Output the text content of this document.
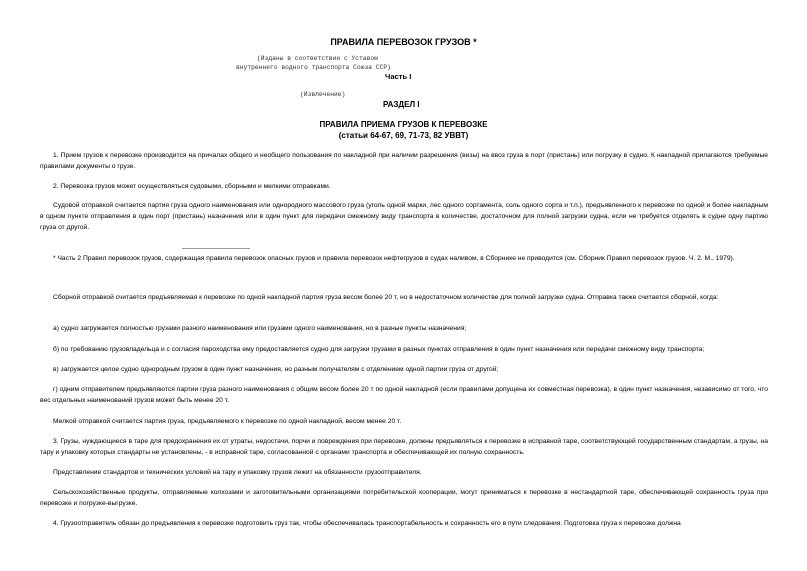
ПРАВИЛА ПЕРЕВОЗОК ГРУЗОВ *
(Изданы в соответствии с Уставом
внутреннего водного транспорта Союза ССР)
Часть I
(Извлечение)
РАЗДЕЛ I
ПРАВИЛА ПРИЕМА ГРУЗОВ К ПЕРЕВОЗКЕ
(статьи 64-67, 69, 71-73, 82 УВВТ)
1. Прием грузов к перевозке производится на причалах общего и необщего пользования по накладной при наличии разрешения (визы) на ввоз груза в порт (пристань) или погрузку в судно. К накладной прилагаются требуемые правилами документы о грузе.
2. Перевозка грузов может осуществляться судовыми, сборными и мелкими отправками.
Судовой отправкой считается партия груза одного наименования или однородного массового груза (уголь одной марки, лес одного сортамента, соль одного сорта и т.п.), предъявленного к перевозке по одной и более накладным в одном пункте отправления в один порт (пристань) назначения или в один пункт для передачи смежному виду транспорта в количестве, достаточном для полной загрузки судна, если не требуется отделять в судне одну партию груза от другой.
* Часть 2 Правил перевозок грузов, содержащая правила перевозок опасных грузов и правила перевозок нефтегрузов в судах наливом, в Сборнике не приводится (см. Сборник Правил перевозок грузов. Ч. 2. М., 1979).
Сборной отправкой считается предъявляемая к перевозке по одной накладной партия груза весом более 20 т, но в недостаточном количестве для полной загрузки судна. Отправка также считается сборной, когда:
а) судно загружается полностью грузами разного наименования или грузами одного наименования, но в разные пункты назначения;
б) по требованию грузовладельца и с согласия пароходства ему предоставляется судно для загрузки грузами в разных пунктах отправления в один пункт назначения или передачи смежному виду транспорта;
в) загружается целое судно однородным грузом в один пункт назначения, но разным получателям с отделением одной партии груза от другой;
г) одним отправителем предъявляются партии груза разного наименования с общим весом более 20 т по одной накладной (если правилами допущена их совместная перевозка), в один пункт назначения, независимо от того, что вес отдельных наименований грузов может быть менее 20 т.
Мелкой отправкой считается партия груза, предъявляемого к перевозке по одной накладной, весом менее 20 т.
3. Грузы, нуждающиеся в таре для предохранения их от утраты, недостачи, порчи и повреждения при перевозке, должны предъявляться к перевозке в исправной таре, соответствующей государственным стандартам, а грузы, на тару и упаковку которых стандарты не установлены, - в исправной таре, согласованной с органами транспорта и обеспечивающей их полную сохранность.
Представление стандартов и технических условий на тару и упаковку грузов лежит на обязанности грузоотправителя.
Сельскохозяйственные продукты, отправляемые колхозами и заготовительными организациями потребительской кооперации, могут приниматься к перевозке в нестандартной таре, обеспечивающей сохранность груза при перевозке и погрузке-выгрузке.
4. Грузоотправитель обязан до предъявления к перевозке подготовить груз так, чтобы обеспечивалась транспортабельность и сохранность его в пути следования. Подготовка груза к перевозке должна
